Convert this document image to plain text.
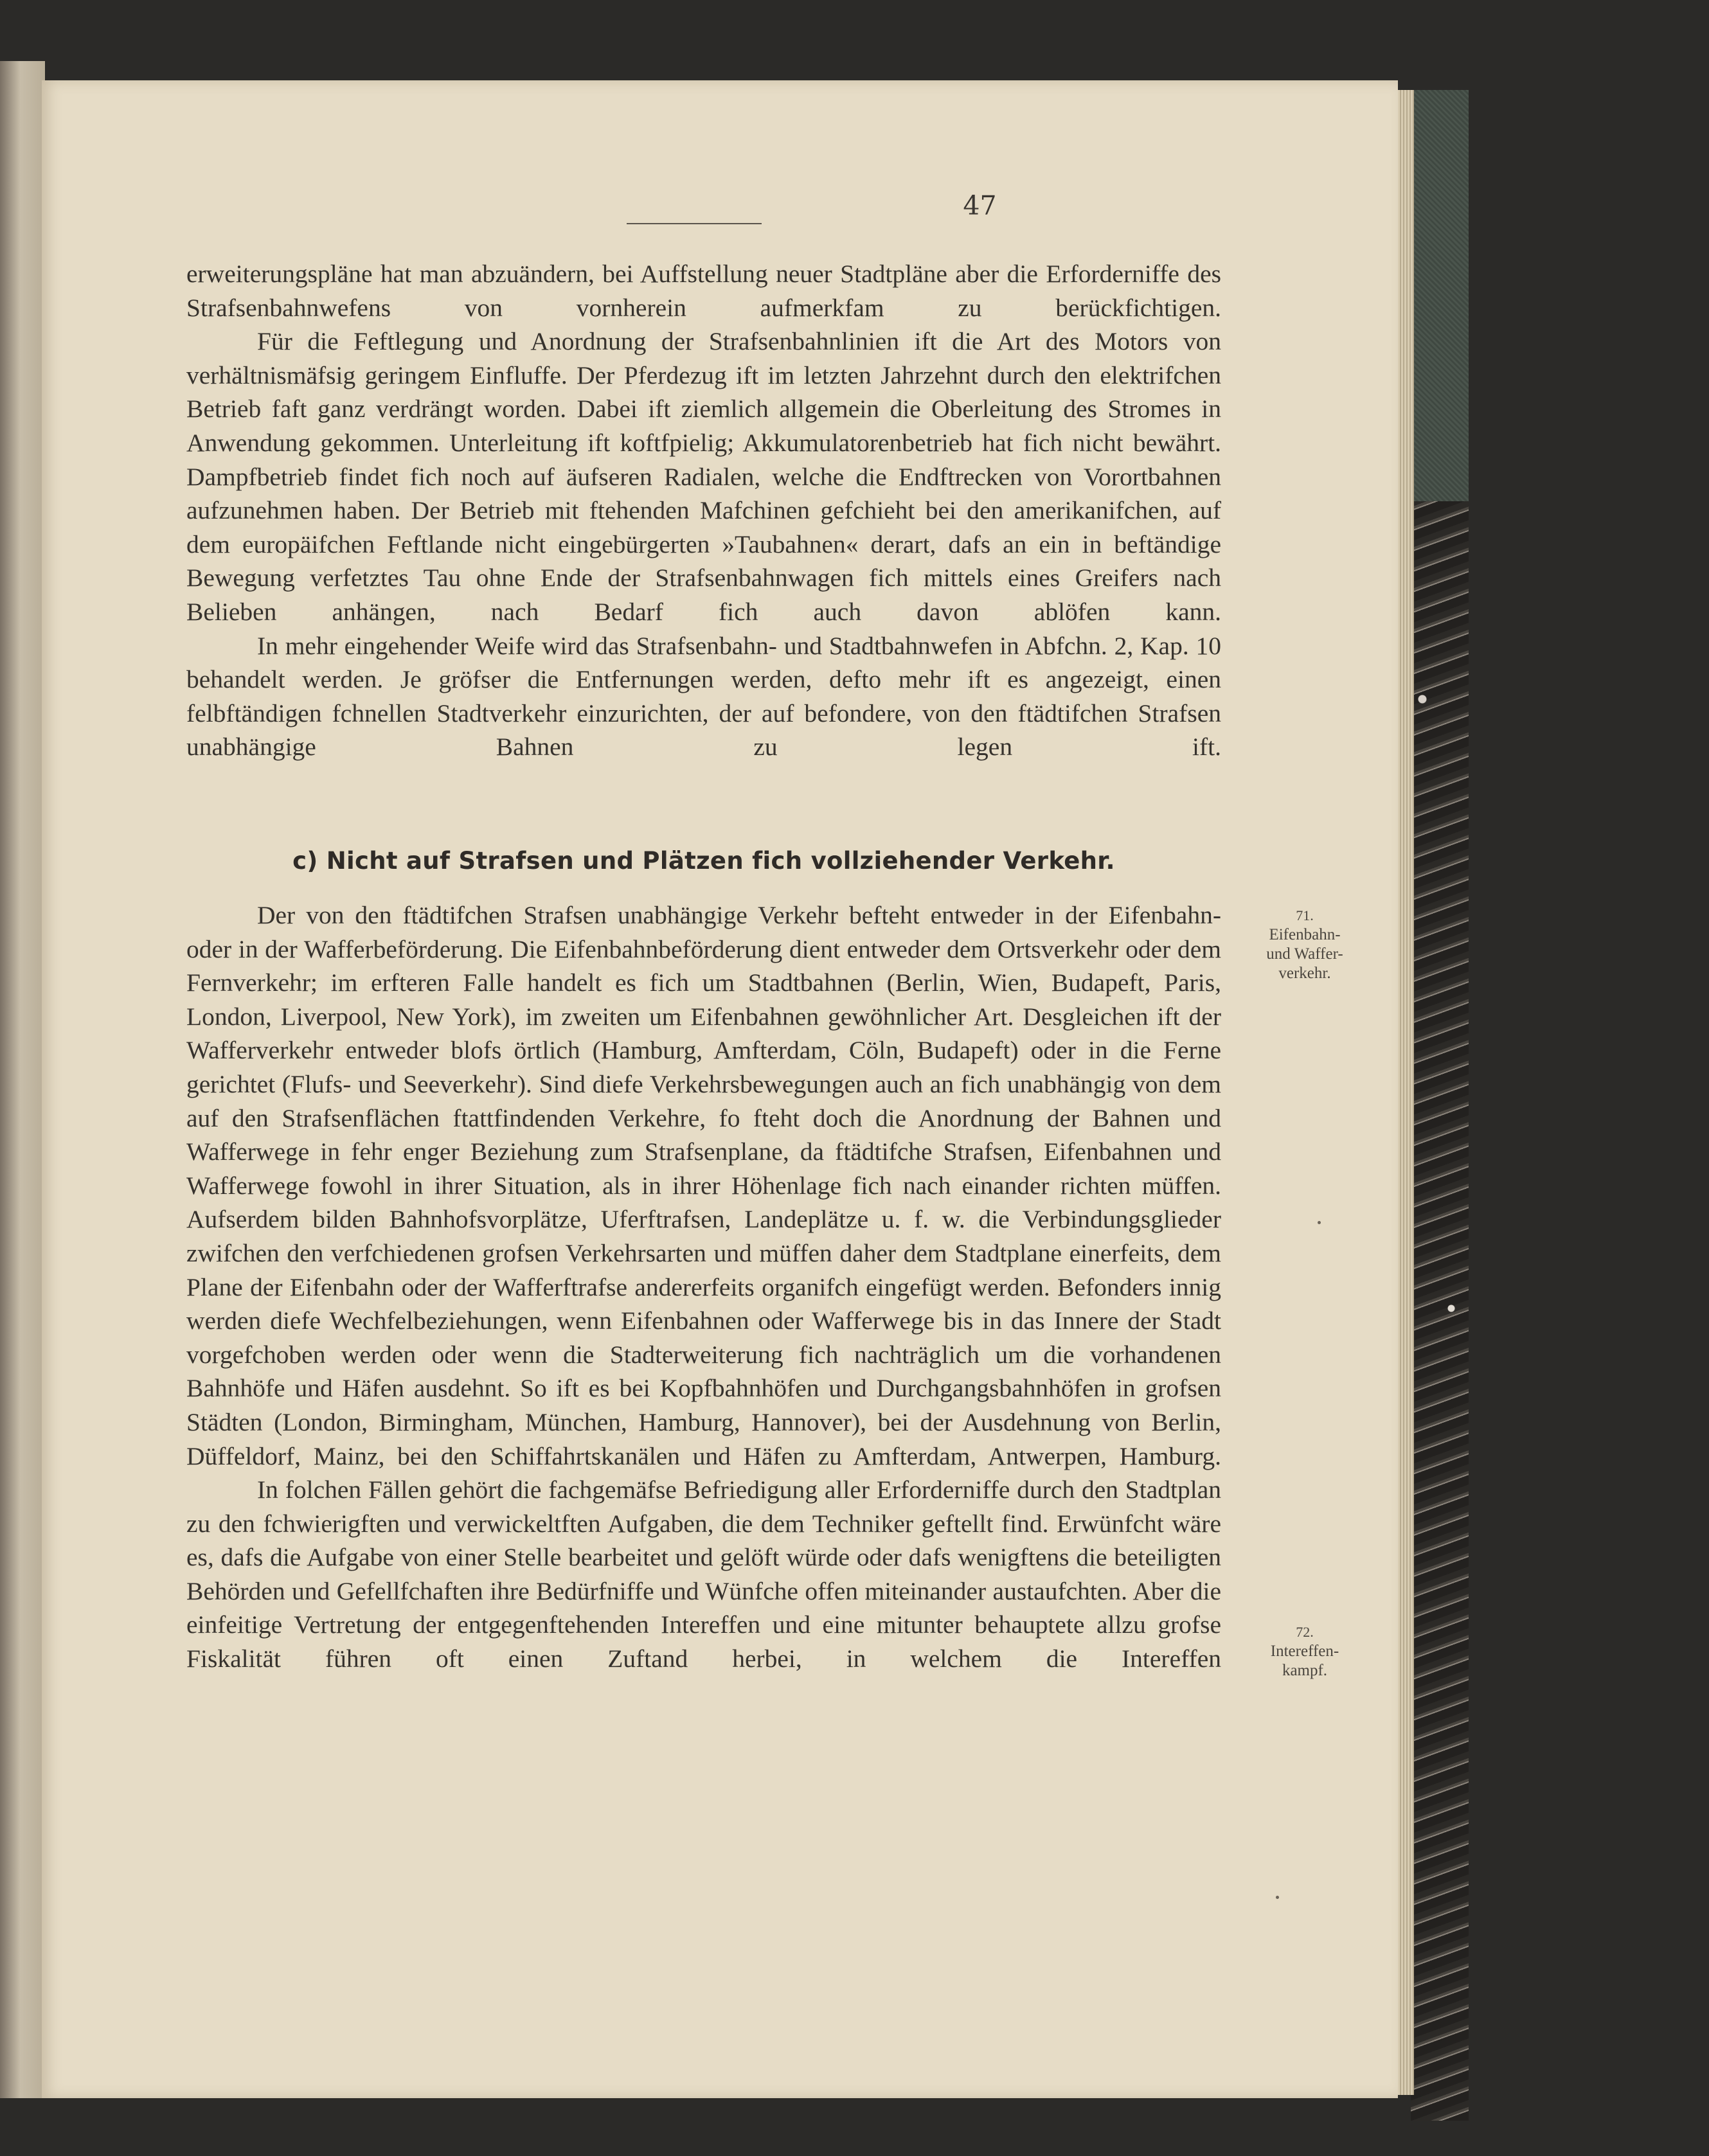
47

erweiterungspläne hat man abzuändern, bei Auffstellung neuer Stadtpläne aber die Erforderniffe des Strafsenbahnwefens von vornherein aufmerkfam zu berückfichtigen.

Für die Feftlegung und Anordnung der Strafsenbahnlinien ift die Art des Motors von verhältnismäfsig geringem Einfluffe. Der Pferdezug ift im letzten Jahrzehnt durch den elektrifchen Betrieb faft ganz verdrängt worden. Dabei ift ziemlich allgemein die Oberleitung des Stromes in Anwendung gekommen. Unterleitung ift koftfpielig; Akkumulatorenbetrieb hat fich nicht bewährt. Dampfbetrieb findet fich noch auf äufseren Radialen, welche die Endftrecken von Vorortbahnen aufzunehmen haben. Der Betrieb mit ftehenden Mafchinen gefchieht bei den amerikanifchen, auf dem europäifchen Feftlande nicht eingebürgerten »Taubahnen« derart, dafs an ein in beftändige Bewegung verfetztes Tau ohne Ende der Strafsenbahnwagen fich mittels eines Greifers nach Belieben anhängen, nach Bedarf fich auch davon ablöfen kann.

In mehr eingehender Weife wird das Strafsenbahn- und Stadtbahnwefen in Abfchn. 2, Kap. 10 behandelt werden. Je gröfser die Entfernungen werden, defto mehr ift es angezeigt, einen felbftändigen fchnellen Stadtverkehr einzurichten, der auf befondere, von den ftädtifchen Strafsen unabhängige Bahnen zu legen ift.

c) Nicht auf Strafsen und Plätzen fich vollziehender Verkehr.

Der von den ftädtifchen Strafsen unabhängige Verkehr befteht entweder in der Eifenbahn- oder in der Wafferbeförderung. Die Eifenbahnbeförderung dient entweder dem Ortsverkehr oder dem Fernverkehr; im erfteren Falle handelt es fich um Stadtbahnen (Berlin, Wien, Budapeft, Paris, London, Liverpool, New York), im zweiten um Eifenbahnen gewöhnlicher Art. Desgleichen ift der Wafferverkehr entweder blofs örtlich (Hamburg, Amfterdam, Cöln, Budapeft) oder in die Ferne gerichtet (Flufs- und Seeverkehr). Sind diefe Verkehrsbewegungen auch an fich unabhängig von dem auf den Strafsenflächen ftattfindenden Verkehre, fo fteht doch die Anordnung der Bahnen und Wafferwege in fehr enger Beziehung zum Strafsenplane, da ftädtifche Strafsen, Eifenbahnen und Wafferwege fowohl in ihrer Situation, als in ihrer Höhenlage fich nach einander richten müffen. Aufserdem bilden Bahnhofsvorplätze, Uferftrafsen, Landeplätze u. f. w. die Verbindungsglieder zwifchen den verfchiedenen grofsen Verkehrsarten und müffen daher dem Stadtplane einerfeits, dem Plane der Eifenbahn oder der Wafferftrafse andererfeits organifch eingefügt werden. Befonders innig werden diefe Wechfelbeziehungen, wenn Eifenbahnen oder Wafferwege bis in das Innere der Stadt vorgefchoben werden oder wenn die Stadterweiterung fich nachträglich um die vorhandenen Bahnhöfe und Häfen ausdehnt. So ift es bei Kopfbahnhöfen und Durchgangsbahnhöfen in grofsen Städten (London, Birmingham, München, Hamburg, Hannover), bei der Ausdehnung von Berlin, Düffeldorf, Mainz, bei den Schiffahrtskanälen und Häfen zu Amfterdam, Antwerpen, Hamburg.

In folchen Fällen gehört die fachgemäfse Befriedigung aller Erforderniffe durch den Stadtplan zu den fchwierigften und verwickeltften Aufgaben, die dem Techniker geftellt find. Erwünfcht wäre es, dafs die Aufgabe von einer Stelle bearbeitet und gelöft würde oder dafs wenigftens die beteiligten Behörden und Gefellfchaften ihre Bedürfniffe und Wünfche offen miteinander austaufchten. Aber die einfeitige Vertretung der entgegenftehenden Intereffen und eine mitunter behauptete allzu grofse Fiskalität führen oft einen Zuftand herbei, in welchem die Intereffen

71.
Eifenbahn-
und Waffer-
verkehr.
72.
Intereffen-
kampf.
